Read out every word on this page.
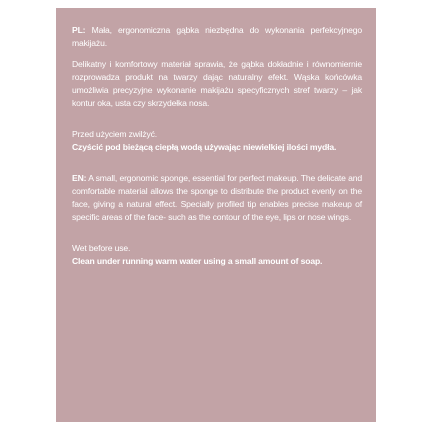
PL: Mała, ergonomiczna gąbka niezbędna do wykonania perfekcyjnego makijażu.

Delikatny i komfortowy materiał sprawia, że gąbka dokładnie i równomiernie rozprowadza produkt na twarzy dając naturalny efekt. Wąska końcówka umożliwia precyzyjne wykonanie makijażu specyficznych stref twarzy – jak kontur oka, usta czy skrzydełka nosa.

Przed użyciem zwilżyć.

Czyścić pod bieżącą ciepłą wodą używając niewielkiej ilości mydła.

EN: A small, ergonomic sponge, essential for perfect makeup. The delicate and comfortable material allows the sponge to distribute the product evenly on the face, giving a natural effect. Specially profiled tip enables precise makeup of specific areas of the face- such as the contour of the eye, lips or nose wings.

Wet before use.

Clean under running warm water using a small amount of soap.
